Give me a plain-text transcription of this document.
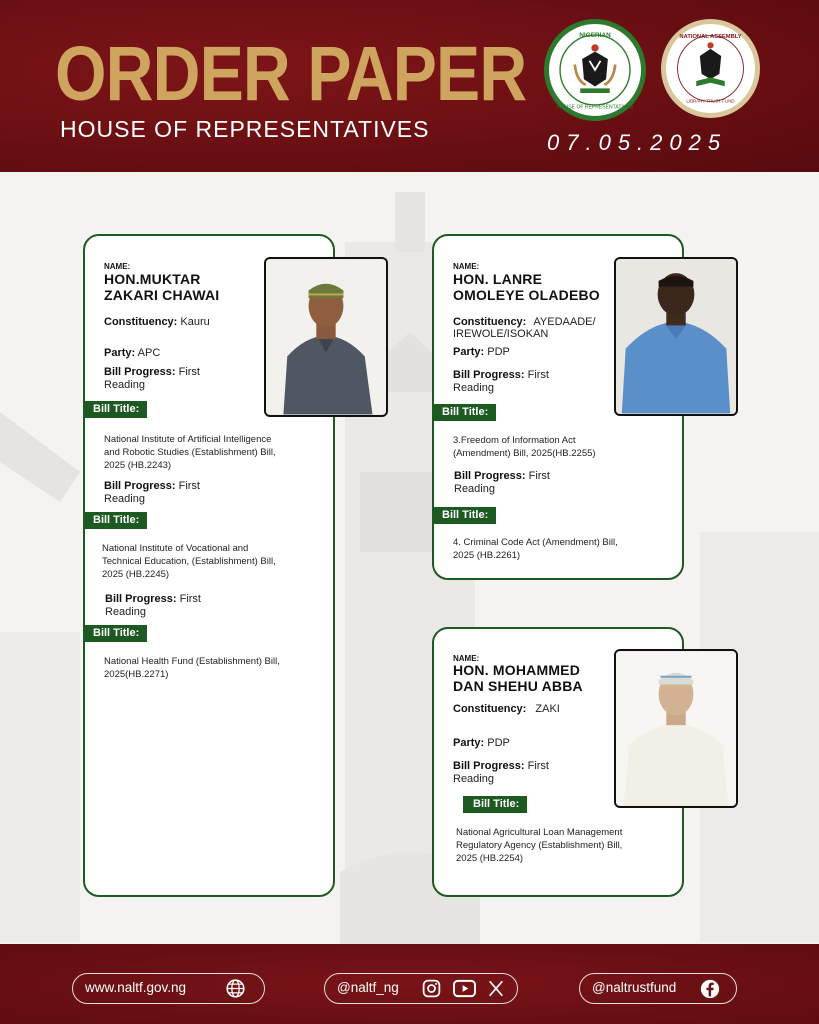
ORDER PAPER
HOUSE OF REPRESENTATIVES
07.05.2025
NIGERIAN
HOUSE OF REPRESENTATIVES
NATIONAL ASSEMBLY
LIBRARY TRUST FUND
NAME:
HON.MUKTAR
ZAKARI CHAWAI
Constituency: Kauru
Party: APC
Bill Progress: First
Reading
Bill Title:
National Institute of Artificial Intelligence
and Robotic Studies (Establishment) Bill,
2025 (HB.2243)
Bill Progress: First
Reading
Bill Title:
National Institute of Vocational and
Technical Education, (Establishment) Bill,
2025 (HB.2245)
Bill Progress: First
Reading
Bill Title:
National Health Fund (Establishment) Bill,
2025(HB.2271)
NAME:
HON. LANRE
OMOLEYE OLADEBO
Constituency: AYEDAADE/
IREWOLE/ISOKAN
Party: PDP
Bill Progress: First
Reading
Bill Title:
3.Freedom of Information Act
(Amendment) Bill, 2025(HB.2255)
Bill Progress: First
Reading
Bill Title:
4. Criminal Code Act (Amendment) Bill,
2025 (HB.2261)
NAME:
HON. MOHAMMED
DAN SHEHU ABBA
Constituency: ZAKI
Party: PDP
Bill Progress: First
Reading
Bill Title:
National Agricultural Loan Management
Regulatory Agency (Establishment) Bill,
2025 (HB.2254)
www.naltf.gov.ng	@naltf_ng	@naltrustfund
